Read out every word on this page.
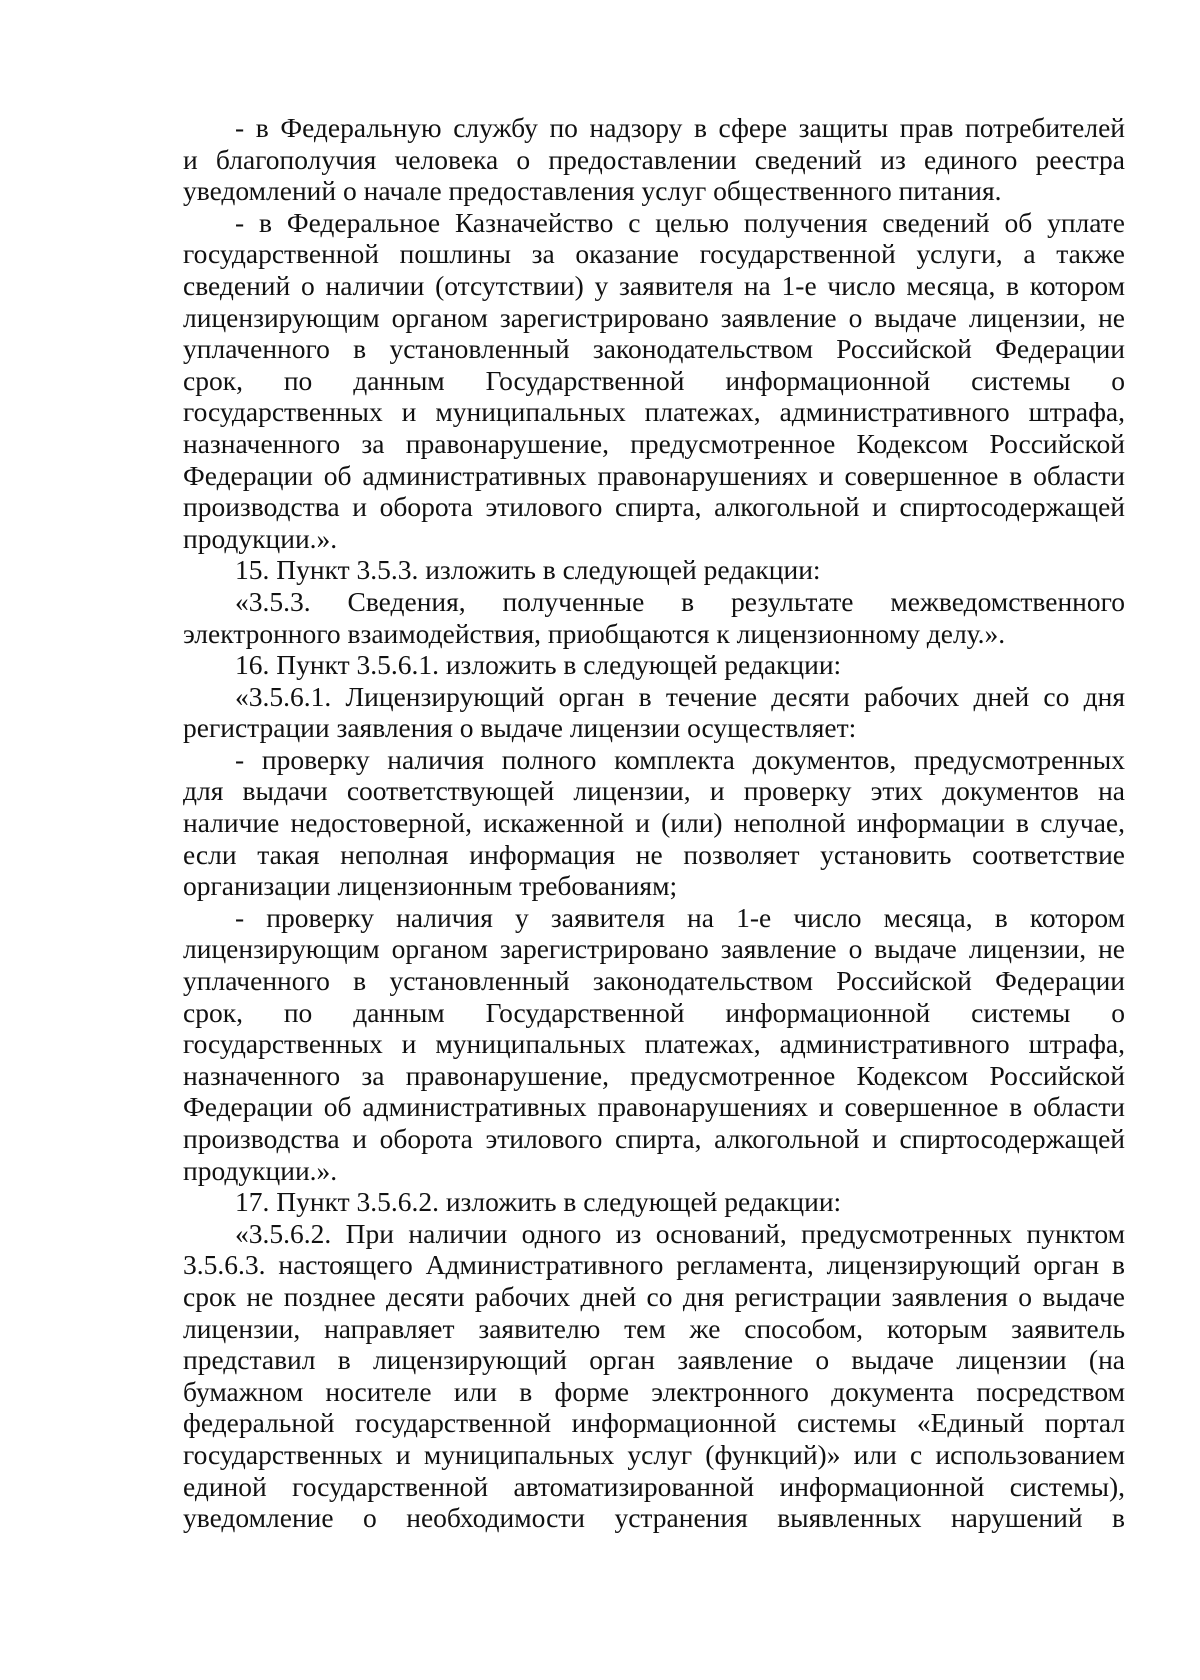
- в Федеральную службу по надзору в сфере защиты прав потребителей
и благополучия человека о предоставлении сведений из единого реестра
уведомлений о начале предоставления услуг общественного питания.
- в Федеральное Казначейство с целью получения сведений об уплате
государственной пошлины за оказание государственной услуги, а также
сведений о наличии (отсутствии) у заявителя на 1-е число месяца, в котором
лицензирующим органом зарегистрировано заявление о выдаче лицензии, не
уплаченного в установленный законодательством Российской Федерации
срок, по данным Государственной информационной системы о
государственных и муниципальных платежах, административного штрафа,
назначенного за правонарушение, предусмотренное Кодексом Российской
Федерации об административных правонарушениях и совершенное в области
производства и оборота этилового спирта, алкогольной и спиртосодержащей
продукции.».
15. Пункт 3.5.3. изложить в следующей редакции:
«3.5.3. Сведения, полученные в результате межведомственного
электронного взаимодействия, приобщаются к лицензионному делу.».
16. Пункт 3.5.6.1. изложить в следующей редакции:
«3.5.6.1. Лицензирующий орган в течение десяти рабочих дней со дня
регистрации заявления о выдаче лицензии осуществляет:
- проверку наличия полного комплекта документов, предусмотренных
для выдачи соответствующей лицензии, и проверку этих документов на
наличие недостоверной, искаженной и (или) неполной информации в случае,
если такая неполная информация не позволяет установить соответствие
организации лицензионным требованиям;
- проверку наличия у заявителя на 1-е число месяца, в котором
лицензирующим органом зарегистрировано заявление о выдаче лицензии, не
уплаченного в установленный законодательством Российской Федерации
срок, по данным Государственной информационной системы о
государственных и муниципальных платежах, административного штрафа,
назначенного за правонарушение, предусмотренное Кодексом Российской
Федерации об административных правонарушениях и совершенное в области
производства и оборота этилового спирта, алкогольной и спиртосодержащей
продукции.».
17. Пункт 3.5.6.2. изложить в следующей редакции:
«3.5.6.2. При наличии одного из оснований, предусмотренных пунктом
3.5.6.3. настоящего Административного регламента, лицензирующий орган в
срок не позднее десяти рабочих дней со дня регистрации заявления о выдаче
лицензии, направляет заявителю тем же способом, которым заявитель
представил в лицензирующий орган заявление о выдаче лицензии (на
бумажном носителе или в форме электронного документа посредством
федеральной государственной информационной системы «Единый портал
государственных и муниципальных услуг (функций)» или с использованием
единой государственной автоматизированной информационной системы),
уведомление о необходимости устранения выявленных нарушений в
